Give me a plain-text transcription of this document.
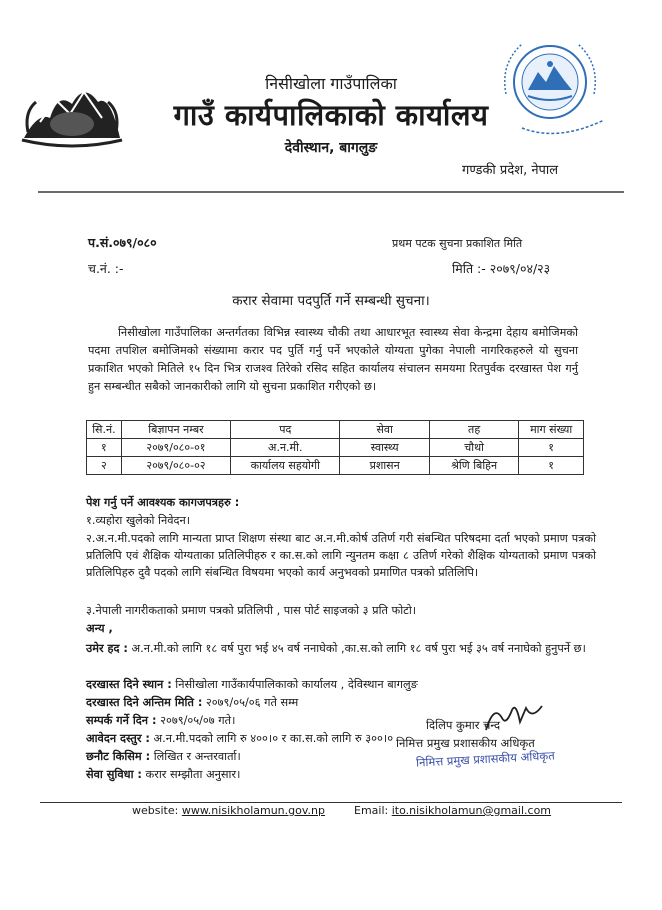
निसीखोला गाउँपालिका
गाउँ कार्यपालिकाको कार्यालय
देवीस्थान, बागलुङ
गण्डकी प्रदेश, नेपाल
प.सं.०७९/०८०
च.नं. :-
प्रथम पटक सुचना प्रकाशित मिति
मिति :- २०७९/०४/२३
करार सेवामा पदपुर्ति गर्ने सम्बन्धी सुचना।
निसीखोला गाउँपालिका अन्तर्गतका विभिन्न स्वास्थ्य चौकी तथा आधारभूत स्वास्थ्य सेवा केन्द्रमा देहाय बमोजिमको पदमा तपशिल बमोजिमको संख्यामा करार पद पुर्ति गर्नु पर्ने भएकोले योग्यता पुगेका नेपाली नागरिकहरुले यो सुचना प्रकाशित भएको मितिले १५ दिन भित्र राजश्व तिरेको रसिद सहित कार्यालय संचालन समयमा रितपुर्वक दरखास्त पेश गर्नु हुन सम्बन्धीत सबैको जानकारीको लागि यो सुचना प्रकाशित गरीएको छ।
सि.नं.	बिज्ञापन नम्बर	पद	सेवा	तह	माग संख्या
१	२०७९/०८०-०१	अ.न.मी.	स्वास्थ्य	चौथो	१
२	२०७९/०८०-०२	कार्यालय सहयोगी	प्रशासन	श्रेणि बिहिन	१
पेश गर्नु पर्ने आवश्यक कागजपत्रहरु :
१.व्यहोरा खुलेको निवेदन।
२.अ.न.मी.पदको लागि मान्यता प्राप्त शिक्षण संस्था बाट अ.न.मी.कोर्ष उतिर्ण गरी संबन्धित परिषदमा दर्ता भएको प्रमाण पत्रको प्रतिलिपि एवं शैक्षिक योग्यताका प्रतिलिपीहरु र का.स.को लागि न्युनतम कक्षा ८ उतिर्ण गरेको शैक्षिक योग्यताको प्रमाण पत्रको प्रतिलिपिहरु दुवै पदको लागि संबन्धित विषयमा भएको कार्य अनुभवको प्रमाणित पत्रको प्रतिलिपि।
३.नेपाली नागरीकताको प्रमाण पत्रको प्रतिलिपी , पास पोर्ट साइजको ३ प्रति फोटो।
अन्य ,
उमेर हद : अ.न.मी.को लागि १८ वर्ष पुरा भई ४५ वर्ष ननाघेको ,का.स.को लागि १८ वर्ष पुरा भई ३५ वर्ष ननाघेको हुनुपर्ने छ।
दरखास्त दिने स्थान : निसीखोला गाउँकार्यपालिकाको कार्यालय , देविस्थान बागलुङ
दरखास्त दिने अन्तिम मिति : २०७९/०५/०६ गते सम्म
सम्पर्क गर्ने दिन : २०७९/०५/०७ गते।
आवेदन दस्तुर : अ.न.मी.पदको लागि रु ४००।० र का.स.को लागि रु ३००।०
छनौट किसिम : लिखित र अन्तरवार्ता।
सेवा सुविधा : करार सम्झौता अनुसार।
दिलिप कुमार चन्द
निमित्त प्रमुख प्रशासकीय अधिकृत
निमित्त प्रमुख प्रशासकीय अधिकृत
website: www.nisikholamun.gov.np	Email: ito.nisikholamun@gmail.com
